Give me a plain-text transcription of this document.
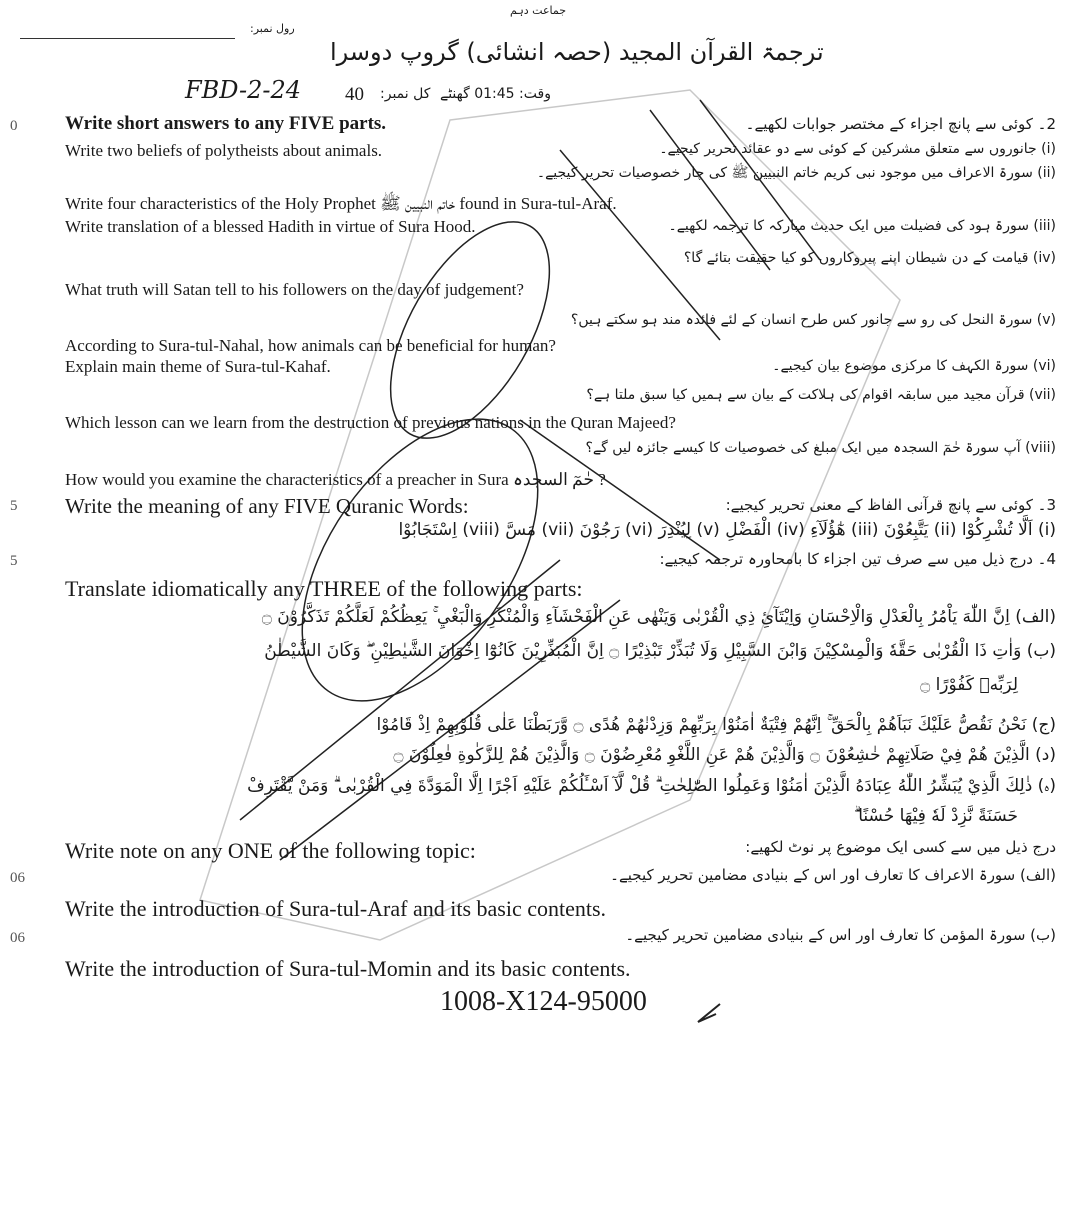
رول نمبر:
جماعت دہم
ترجمۃ القرآن المجید (حصہ انشائی) گروپ دوسرا
FBD-2-24 40 کل نمبر: وقت: 01:45 گھنٹے
0	Write short answers to any FIVE parts.	2۔ کوئی سے پانچ اجزاء کے مختصر جوابات لکھیے۔
Write two beliefs of polytheists about animals.	(i) جانوروں سے متعلق مشرکین کے کوئی سے دو عقائد تحریر کیجیے۔
(ii) سورۃ الاعراف میں موجود نبی کریم خاتم النبیین ﷺ کی چار خصوصیات تحریر کیجیے۔
Write four characteristics of the Holy Prophet خاتم النبیین ﷺ found in Sura-tul-Araf.
Write translation of a blessed Hadith in virtue of Sura Hood.	(iii) سورۃ ہود کی فضیلت میں ایک حدیث مبارکہ کا ترجمہ لکھیے۔
(iv) قیامت کے دن شیطان اپنے پیروکاروں کو کیا حقیقت بتائے گا؟
What truth will Satan tell to his followers on the day of judgement?
(v) سورۃ النحل کی رو سے جانور کس طرح انسان کے لئے فائدہ مند ہو سکتے ہیں؟
According to Sura-tul-Nahal, how animals can be beneficial for human?
Explain main theme of Sura-tul-Kahaf.	(vi) سورۃ الکہف کا مرکزی موضوع بیان کیجیے۔
(vii) قرآن مجید میں سابقہ اقوام کی ہلاکت کے بیان سے ہمیں کیا سبق ملتا ہے؟
Which lesson can we learn from the destruction of previous nations in the Quran Majeed?
(viii) آپ سورۃ حٰمٓ السجدہ میں ایک مبلغ کی خصوصیات کا کیسے جائزہ لیں گے؟
How would you examine the characteristics of a preacher in Sura حٰمٓ السجدہ ?
5 Write the meaning of any FIVE Quranic Words:	3۔ کوئی سے پانچ قرآنی الفاظ کے معنی تحریر کیجیے:
(i) اَلَّا تُشْرِكُوْا (ii) يَتَّبِعُوْنَ (iii) هٰٓؤُلَآءِ (iv) الْفَضْلِ (v) لِيُنْذِرَ (vi) رَجُوْنَ (vii) مَسَّ (viii) اِسْتَجَابُوْا
5	4۔ درج ذیل میں سے صرف تین اجزاء کا بامحاورہ ترجمہ کیجیے:
Translate idiomatically any THREE of the following parts:
(الف) اِنَّ اللّٰهَ يَاْمُرُ بِالْعَدْلِ وَالْاِحْسَانِ وَاِيْتَآئِ ذِي الْقُرْبٰى وَيَنْهٰى عَنِ الْفَحْشَآءِ وَالْمُنْكَرِ وَالْبَغْيِ ۚ يَعِظُكُمْ لَعَلَّكُمْ تَذَكَّرُوْنَ ۝
(ب) وَاٰتِ ذَا الْقُرْبٰى حَقَّهٗ وَالْمِسْكِيْنَ وَابْنَ السَّبِيْلِ وَلَا تُبَذِّرْ تَبْذِيْرًا ۝ اِنَّ الْمُبَذِّرِيْنَ كَانُوْٓا اِخْوَانَ الشَّيٰطِيْنِ ۖ وَكَانَ الشَّيْطٰنُ
لِرَبِّهٖ كَفُوْرًا ۝
(ج) نَحْنُ نَقُصُّ عَلَيْكَ نَبَاَهُمْ بِالْحَقِّ ۚ اِنَّهُمْ فِتْيَةٌ اٰمَنُوْا بِرَبِّهِمْ وَزِدْنٰهُمْ هُدًى ۝ وَّرَبَطْنَا عَلٰى قُلُوْبِهِمْ اِذْ قَامُوْا
(د) الَّذِيْنَ هُمْ فِيْ صَلَاتِهِمْ خٰشِعُوْنَ ۝ وَالَّذِيْنَ هُمْ عَنِ اللَّغْوِ مُعْرِضُوْنَ ۝ وَالَّذِيْنَ هُمْ لِلزَّكٰوةِ فٰعِلُوْنَ ۝
(ہ) ذٰلِكَ الَّذِيْ يُبَشِّرُ اللّٰهُ عِبَادَهُ الَّذِيْنَ اٰمَنُوْا وَعَمِلُوا الصّٰلِحٰتِ ۗ قُلْ لَّآ اَسْـَٔلُكُمْ عَلَيْهِ اَجْرًا اِلَّا الْمَوَدَّةَ فِي الْقُرْبٰى ۗ وَمَنْ يَّقْتَرِفْ
حَسَنَةً نَّزِدْ لَهٗ فِيْهَا حُسْنًا ۗ
Write note on any ONE of the following topic:	درج ذیل میں سے کسی ایک موضوع پر نوٹ لکھیے:
06	(الف) سورۃ الاعراف کا تعارف اور اس کے بنیادی مضامین تحریر کیجیے۔
Write the introduction of Sura-tul-Araf and its basic contents.
06	(ب) سورۃ المؤمن کا تعارف اور اس کے بنیادی مضامین تحریر کیجیے۔
Write the introduction of Sura-tul-Momin and its basic contents.
1008-X124-95000
